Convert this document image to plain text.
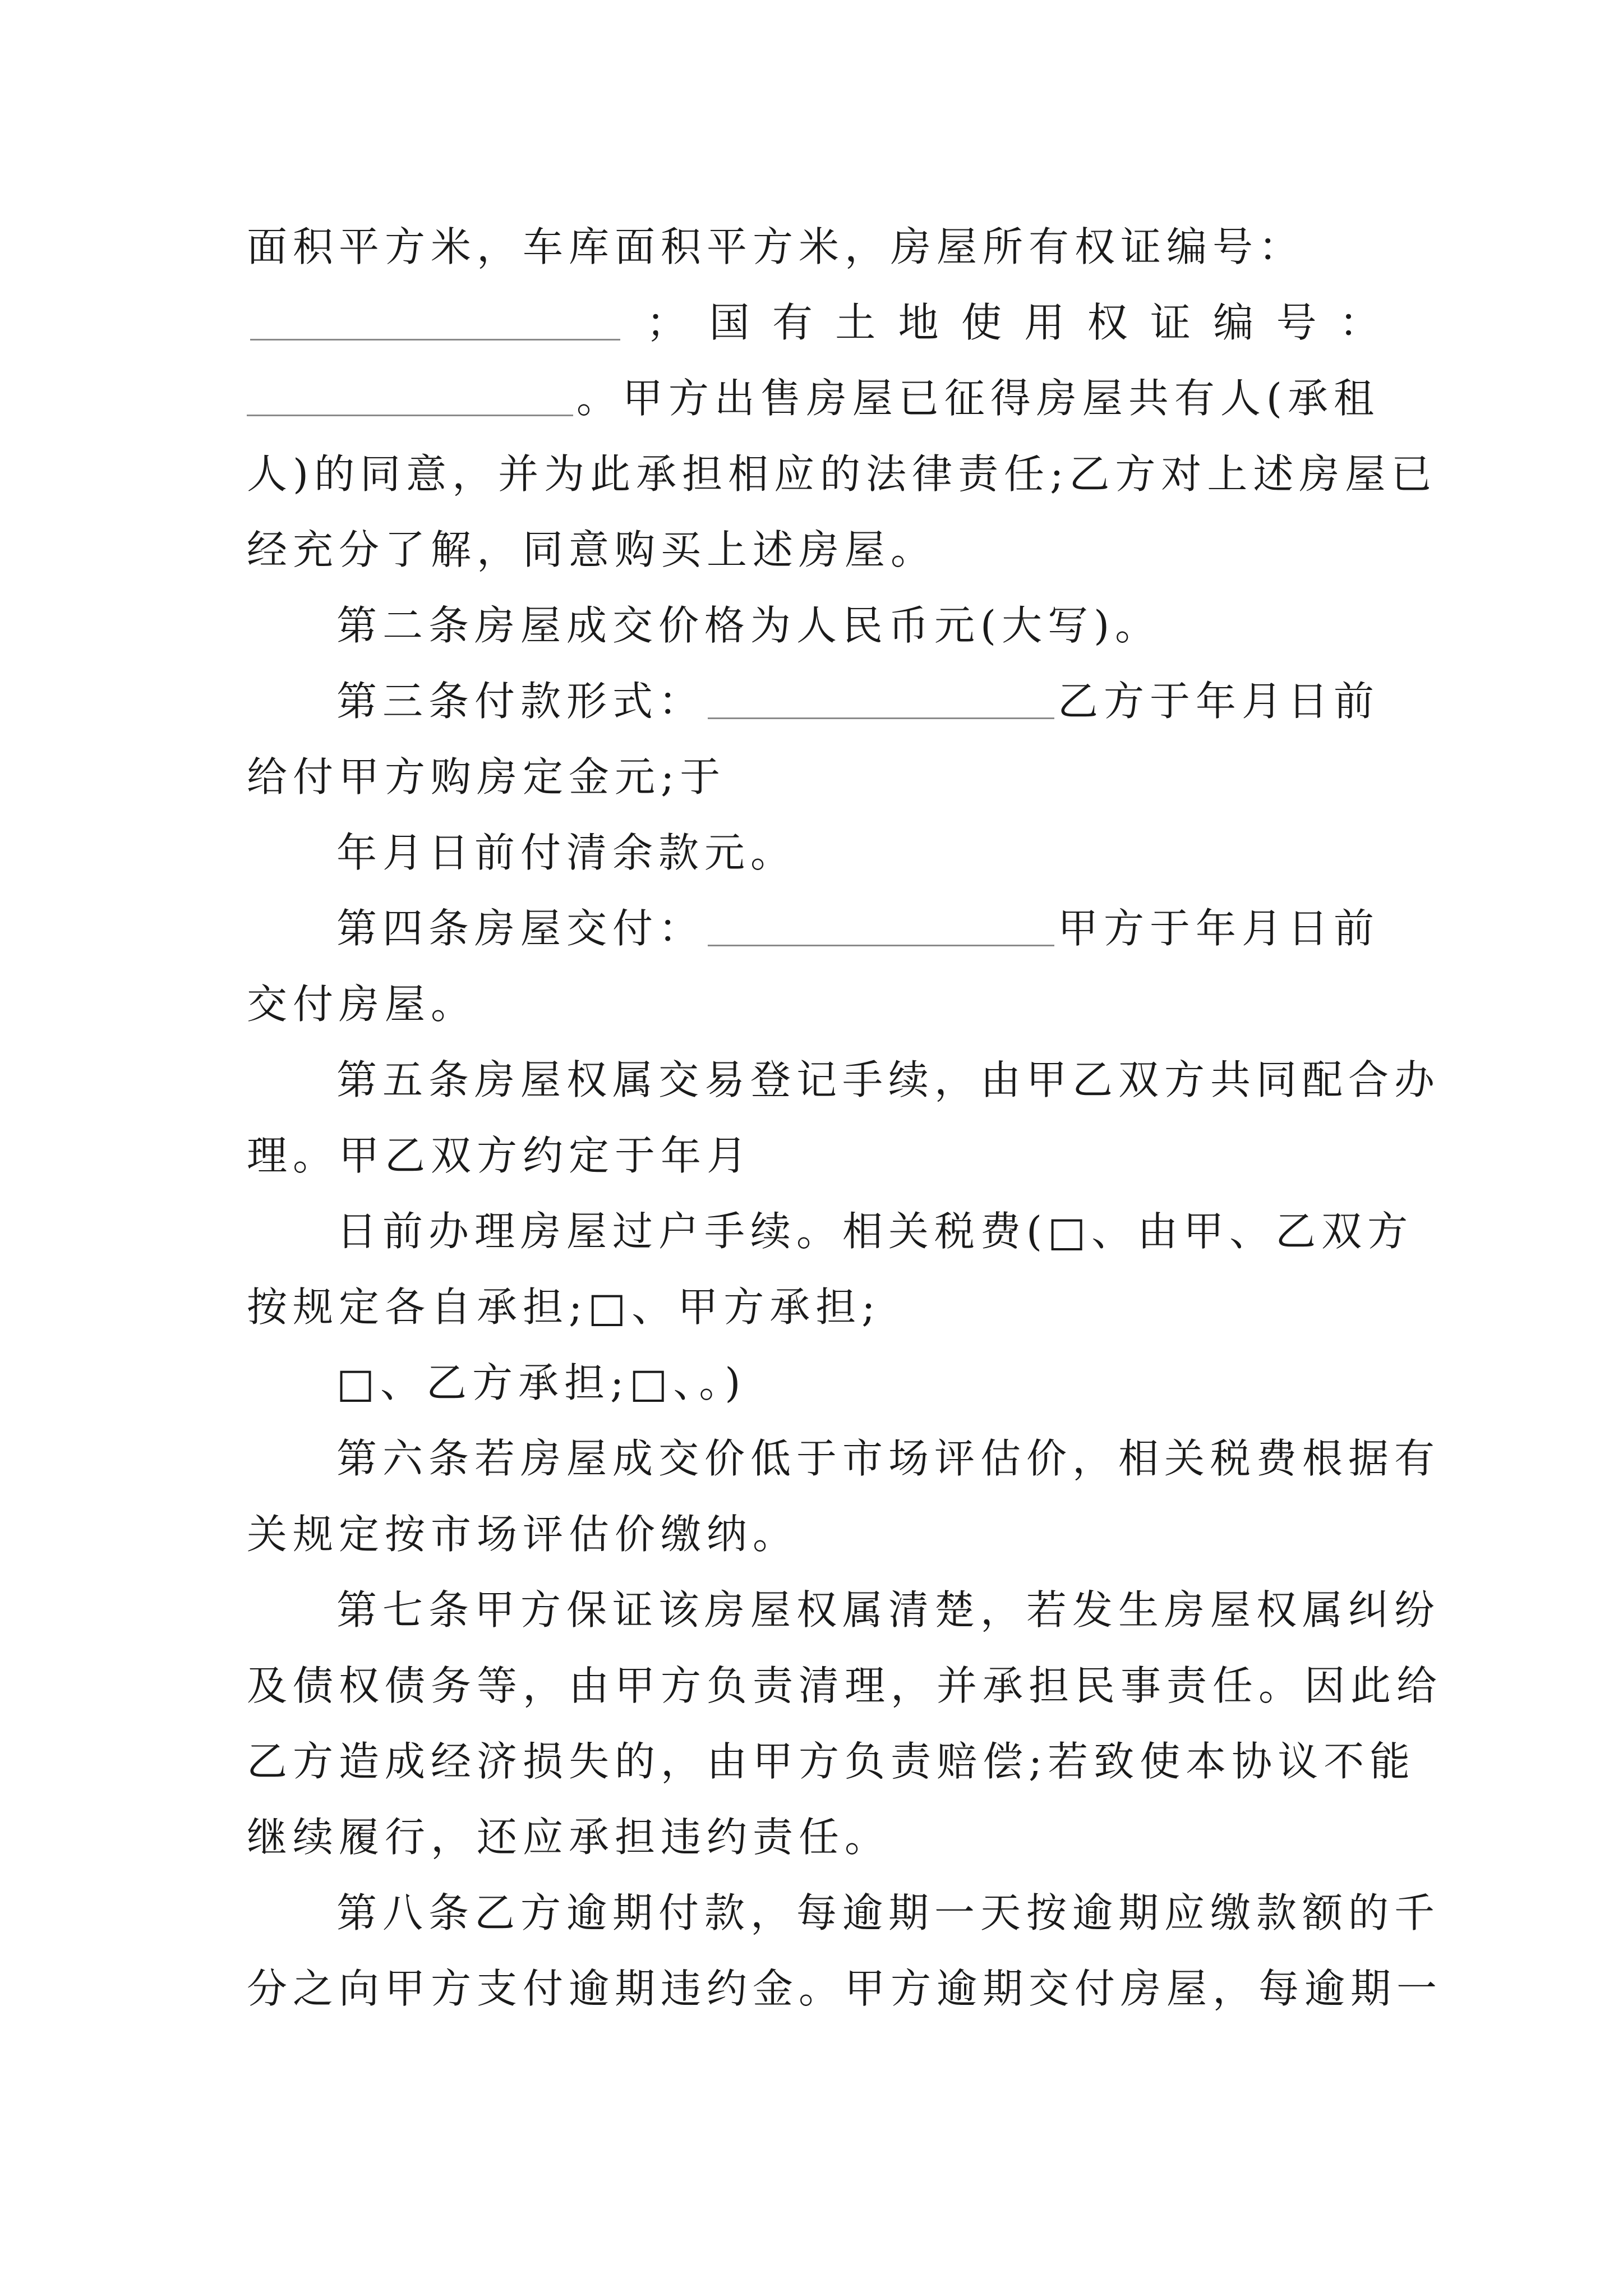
面积平方米，车库面积平方米，房屋所有权证编号：
； 国 有 土 地 使 用 权 证 编 号 ：
。甲方出售房屋已征得房屋共有人(承租
人)的同意，并为此承担相应的法律责任;乙方对上述房屋已
经充分了解，同意购买上述房屋。
第二条房屋成交价格为人民币元(大写)。
第三条付款形式：	乙方于年月日前
给付甲方购房定金元;于
年月日前付清余款元。
第四条房屋交付：	甲方于年月日前
交付房屋。
第五条房屋权属交易登记手续，由甲乙双方共同配合办
理。甲乙双方约定于年月
日前办理房屋过户手续。相关税费(□、由甲、乙双方
按规定各自承担;□、甲方承担;
□、乙方承担;□、。)
第六条若房屋成交价低于市场评估价，相关税费根据有
关规定按市场评估价缴纳。
第七条甲方保证该房屋权属清楚，若发生房屋权属纠纷
及债权债务等，由甲方负责清理，并承担民事责任。因此给
乙方造成经济损失的，由甲方负责赔偿;若致使本协议不能
继续履行，还应承担违约责任。
第八条乙方逾期付款，每逾期一天按逾期应缴款额的千
分之向甲方支付逾期违约金。甲方逾期交付房屋，每逾期一
